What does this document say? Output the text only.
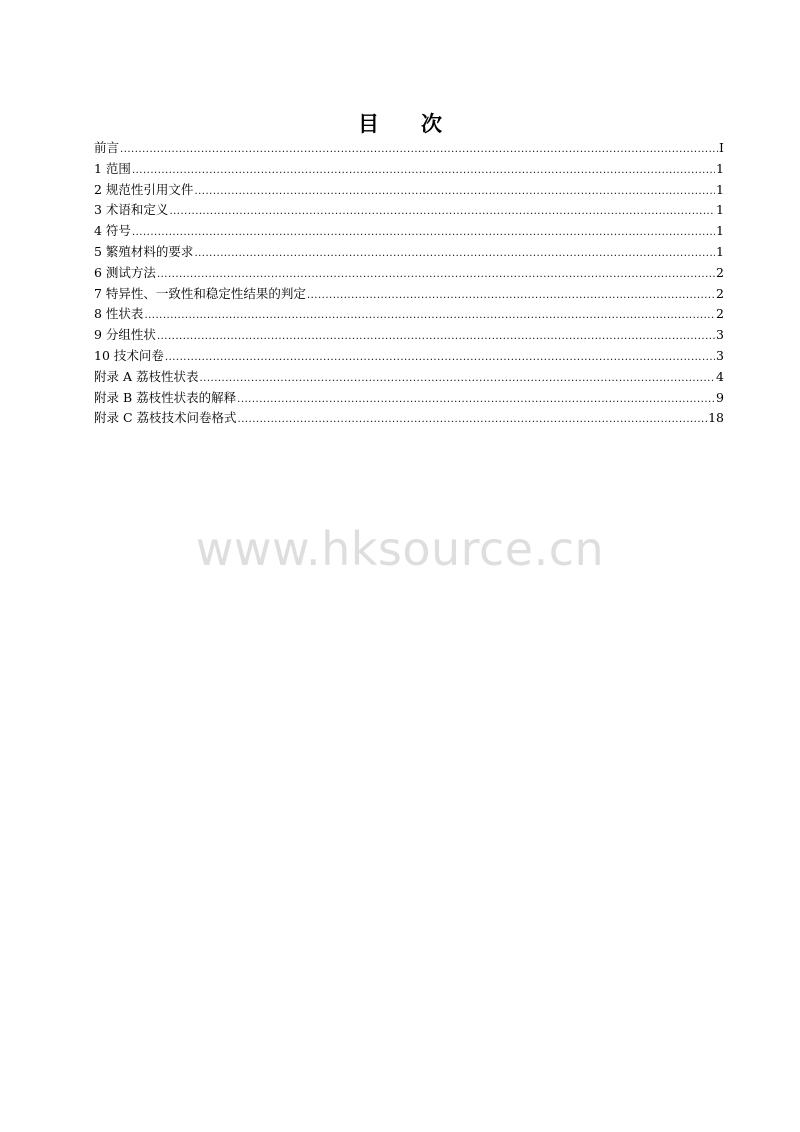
目　　次
前言 .....	I
1 范围 .....	1
2 规范性引用文件 .....	1
3 术语和定义 .....	1
4 符号 .....	1
5 繁殖材料的要求 .....	1
6 测试方法 .....	2
7 特异性、一致性和稳定性结果的判定 .....	2
8 性状表 .....	2
9 分组性状 .....	3
10 技术问卷 .....	3
附录 A 荔枝性状表 .....	4
附录 B 荔枝性状表的解释 .....	9
附录 C 荔枝技术问卷格式 .....	18
www.hksource.cn
